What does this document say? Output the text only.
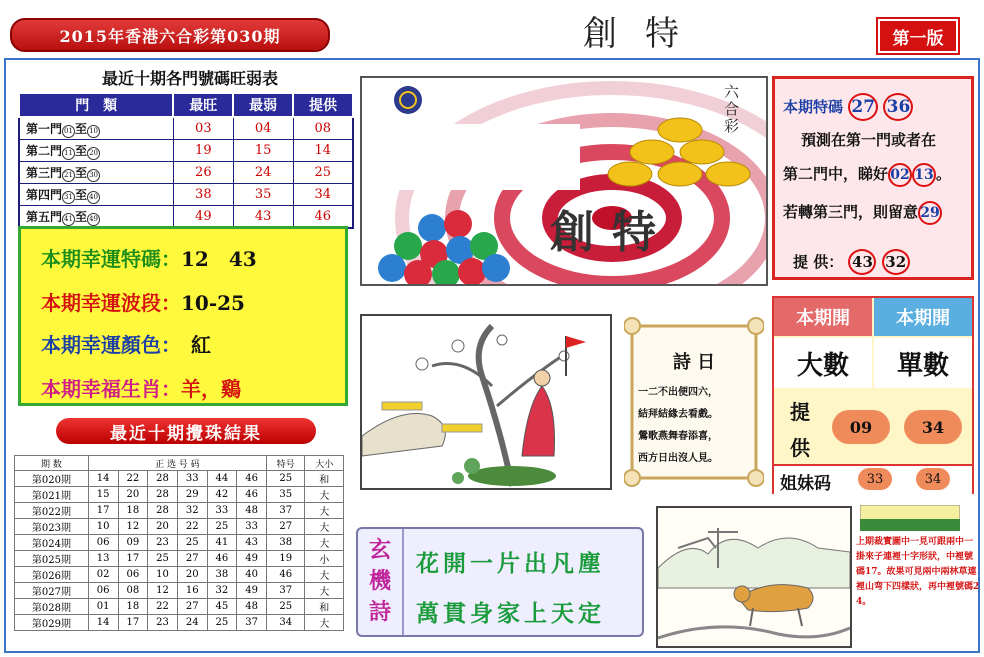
2015年香港六合彩第030期	創特	第一版
最近十期各門號碼旺弱表
門　類	最旺	最弱	提供
第一門 01 至 10	03	04	08
第二門 11 至 20	19	15	14
第三門 21 至 30	26	24	25
第四門 31 至 40	38	35	34
第五門 41 至 49	49	43	46
本期幸運特碼：12　43
本期幸運波段：10-25
本期幸運顏色：　紅
本期幸福生肖：羊，鷄
最近十期攪珠結果
期 数	正 选 号 码						特号	大小
第020期	14	22	28	33	44	46	25	和
第021期	15	20	28	29	42	46	35	大
第022期	17	18	28	32	33	48	37	大
第023期	10	12	20	22	25	33	27	大
第024期	06	09	23	25	41	43	38	大
第025期	13	17	25	27	46	49	19	小
第026期	02	06	10	20	38	40	46	大
第027期	06	08	12	16	32	49	37	大
第028期	01	18	22	27	45	48	25	和
第029期	14	17	23	24	25	37	34	大
六合彩
創特
本期特碼 27 36
預測在第一門或者在
第二門中，睇好 02 13 。
若轉第三門，則留意 29
提 供： 43 32
詩 日
一二不出便四六，
結拜結緣去看戲。
鶯歌燕舞春添喜，
西方日出沒人見。
本期開	本期開
大數	單數
提
供
09	34
姐妹码	33	34
玄
機
詩
花開一片出凡塵
萬貫身家上天定
上期裁實圖中一見可跟兩中一掛來子連裡十字形狀，中裡號碼17。故果可見兩中兩林草連裡山弯下四樣狀，再中裡號碼24。
